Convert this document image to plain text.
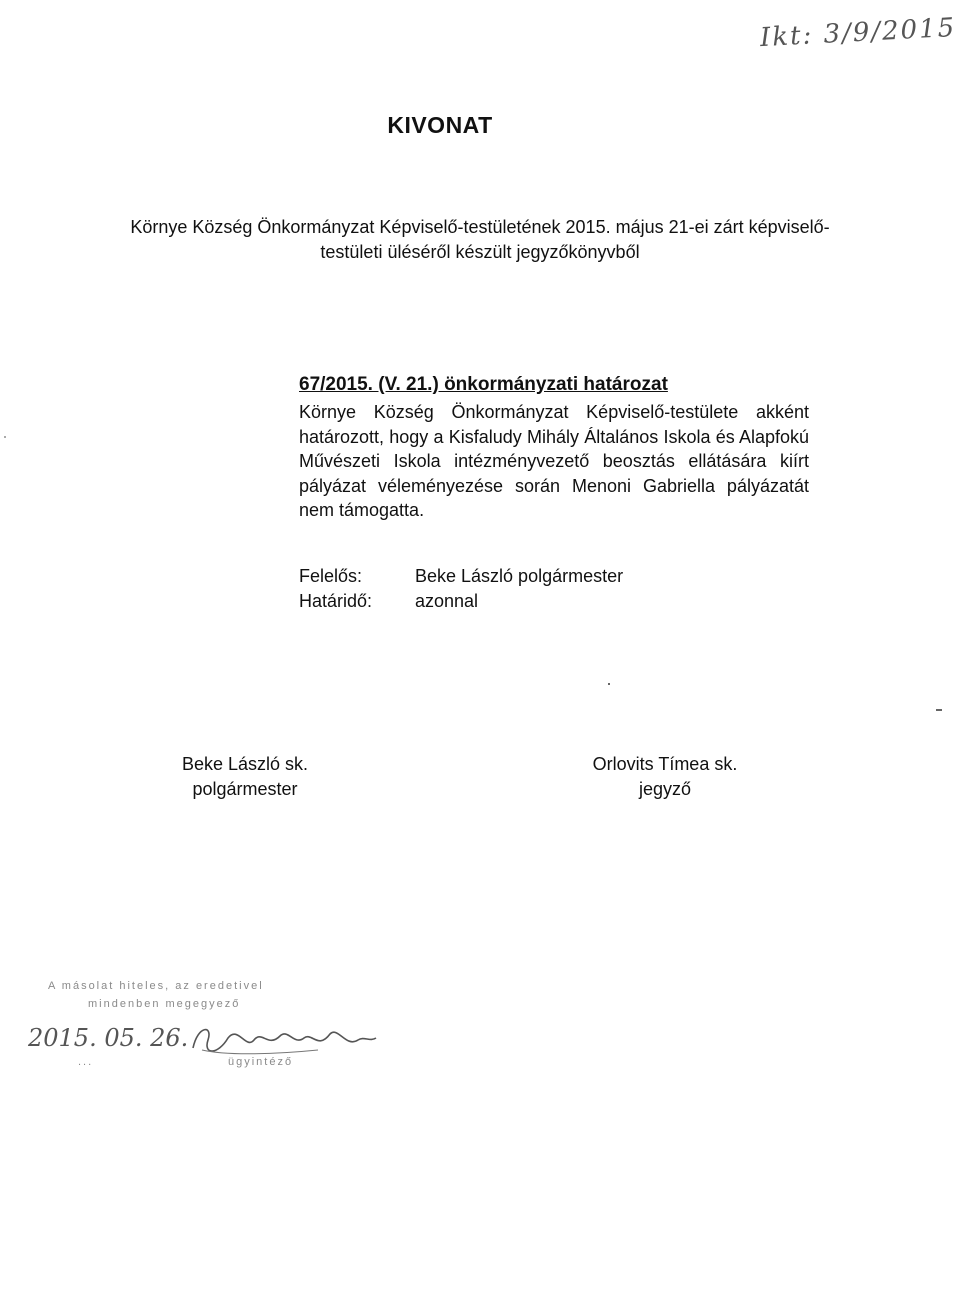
Ikt: 3/9/2015
KIVONAT
Környe Község Önkormányzat Képviselő-testületének 2015. május 21-ei zárt képviselő-testületi üléséről készült jegyzőkönyvből
67/2015. (V. 21.) önkormányzati határozat
Környe Község Önkormányzat Képviselő-testülete akként határozott, hogy a Kisfaludy Mihály Általános Iskola és Alapfokú Művészeti Iskola intézményvezető beosztás ellátására kiírt pályázat véleményezése során Menoni Gabriella pályázatát nem támogatta.
Felelős:	Beke László polgármester
Határidő: azonnal
Beke László sk.
polgármester
Orlovits Tímea sk.
jegyző
A másolat hiteles, az eredetivel
mindenben megegyező
2015. 05. 26.
...	ügyintéző
